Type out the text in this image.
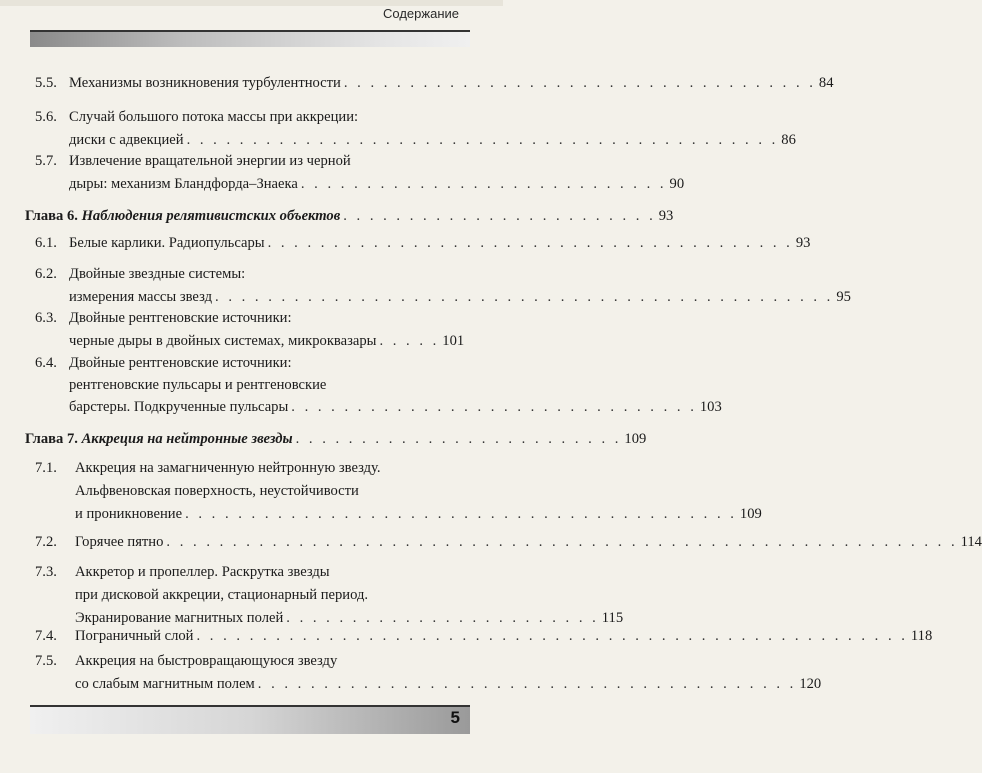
Содержание
5.5. Механизмы возникновения турбулентности . . . . . . . . . . . . . . . . . . . . . . . . . . . . . . . . . . . . 84
5.6. Случай большого потока массы при аккреции:
диски с адвекцией . . . . . . . . . . . . . . . . . . . . . . . . . . . . . . . . . . . . . . . . . . . . . 86
5.7. Извлечение вращательной энергии из черной
дыры: механизм Бландфорда–Знаека . . . . . . . . . . . . . . . . . . . . . . . . . . . . 90
Глава 6. Наблюдения релятивистских объектов . . . . . . . . . . . . . . . . . . . . . . . . 93
6.1. Белые карлики. Радиопульсары . . . . . . . . . . . . . . . . . . . . . . . . . . . . . . . . . . . . . . . . 93
6.2. Двойные звездные системы:
измерения массы звезд . . . . . . . . . . . . . . . . . . . . . . . . . . . . . . . . . . . . . . . . . . . . . . . 95
6.3. Двойные рентгеновские источники:
черные дыры в двойных системах, микроквазары . . . . . 101
6.4. Двойные рентгеновские источники:
рентгеновские пульсары и рентгеновские
барстеры. Подкрученные пульсары . . . . . . . . . . . . . . . . . . . . . . . . . . . . . . . 103
Глава 7. Аккреция на нейтронные звезды . . . . . . . . . . . . . . . . . . . . . . . . . 109
7.1. Аккреция на замагниченную нейтронную звезду.
Альфвеновская поверхность, неустойчивости
и проникновение . . . . . . . . . . . . . . . . . . . . . . . . . . . . . . . . . . . . . . . . . . 109
7.2. Горячее пятно . . . . . . . . . . . . . . . . . . . . . . . . . . . . . . . . . . . . . . . . . . . . . . . . . . . . . . . . . . . . 114
7.3. Аккретор и пропеллер. Раскрутка звезды
при дисковой аккреции, стационарный период.
Экранирование магнитных полей . . . . . . . . . . . . . . . . . . . . . . . . 115
7.4. Пограничный слой . . . . . . . . . . . . . . . . . . . . . . . . . . . . . . . . . . . . . . . . . . . . . . . . . . . . . . 118
7.5. Аккреция на быстровращающуюся звезду
со слабым магнитным полем . . . . . . . . . . . . . . . . . . . . . . . . . . . . . . . . . . . . . . . . . 120
5
